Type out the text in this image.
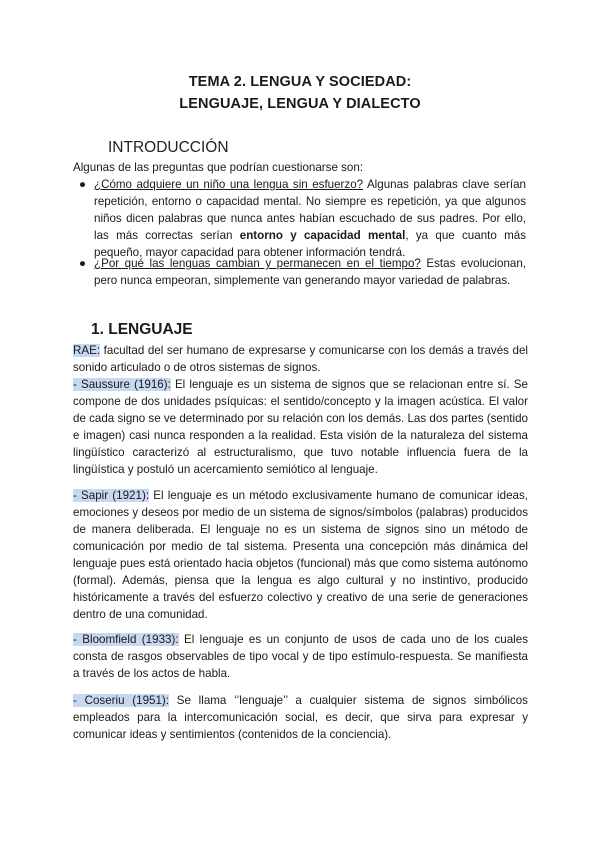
TEMA 2. LENGUA Y SOCIEDAD:
LENGUAJE, LENGUA Y DIALECTO
INTRODUCCIÓN
Algunas de las preguntas que podrían cuestionarse son:
● ¿Cómo adquiere un niño una lengua sin esfuerzo? Algunas palabras clave serían repetición, entorno o capacidad mental. No siempre es repetición, ya que algunos niños dicen palabras que nunca antes habían escuchado de sus padres. Por ello, las más correctas serían entorno y capacidad mental, ya que cuanto más pequeño, mayor capacidad para obtener información tendrá.
● ¿Por qué las lenguas cambian y permanecen en el tiempo? Estas evolucionan, pero nunca empeoran, simplemente van generando mayor variedad de palabras.
1. LENGUAJE
RAE: facultad del ser humano de expresarse y comunicarse con los demás a través del sonido articulado o de otros sistemas de signos.
- Saussure (1916): El lenguaje es un sistema de signos que se relacionan entre sí. Se compone de dos unidades psíquicas: el sentido/concepto y la imagen acústica. El valor de cada signo se ve determinado por su relación con los demás. Las dos partes (sentido e imagen) casi nunca responden a la realidad. Esta visión de la naturaleza del sistema lingüístico caracterizó al estructuralismo, que tuvo notable influencia fuera de la lingüística y postuló un acercamiento semiótico al lenguaje.
- Sapir (1921): El lenguaje es un método exclusivamente humano de comunicar ideas, emociones y deseos por medio de un sistema de signos/símbolos (palabras) producidos de manera deliberada. El lenguaje no es un sistema de signos sino un método de comunicación por medio de tal sistema. Presenta una concepción más dinámica del lenguaje pues está orientado hacia objetos (funcional) más que como sistema autónomo (formal). Además, piensa que la lengua es algo cultural y no instintivo, producido históricamente a través del esfuerzo colectivo y creativo de una serie de generaciones dentro de una comunidad.
- Bloomfield (1933): El lenguaje es un conjunto de usos de cada uno de los cuales consta de rasgos observables de tipo vocal y de tipo estímulo-respuesta. Se manifiesta a través de los actos de habla.
- Coseriu (1951): Se llama ‘’lenguaje’’ a cualquier sistema de signos simbólicos empleados para la intercomunicación social, es decir, que sirva para expresar y comunicar ideas y sentimientos (contenidos de la conciencia).
